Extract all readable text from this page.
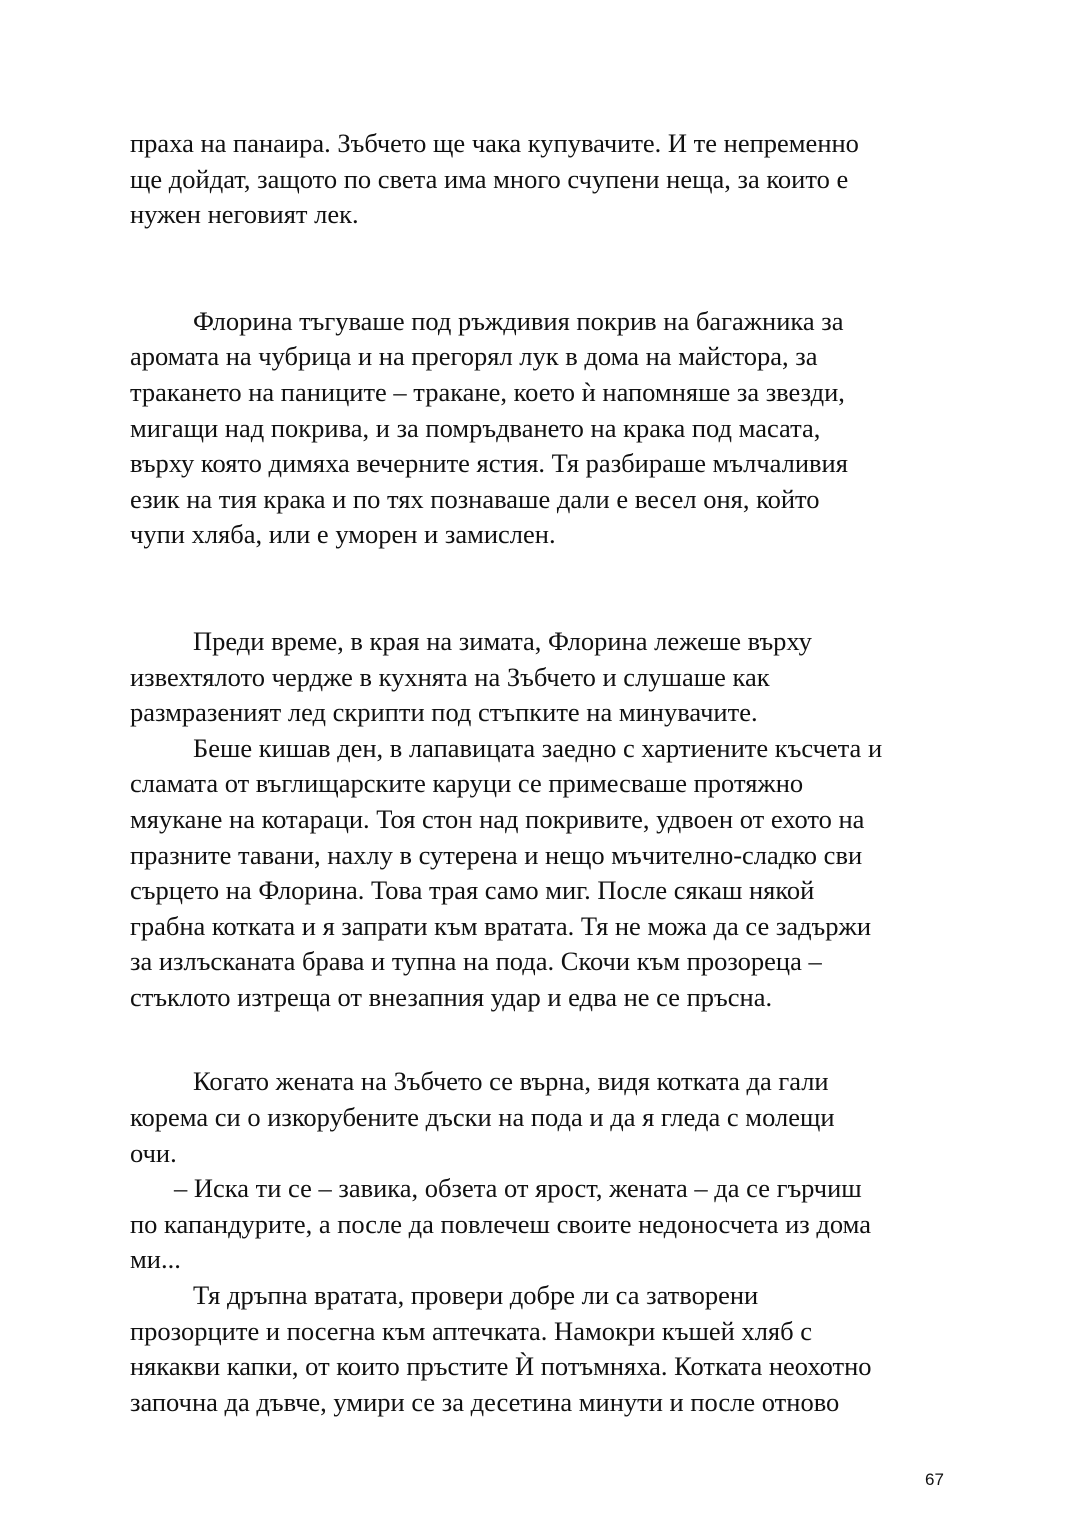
праха на панаира. Зъбчето ще чака купувачите. И те непременно
ще дойдат, защото по света има много счупени неща, за които е
нужен неговият лек.
Флорина тъгуваше под ръждивия покрив на багажника за
аромата на чубрица и на прегорял лук в дома на майстора, за
тракането на паниците – тракане, което ѝ напомняше за звезди,
мигащи над покрива, и за помръдването на крака под масата,
върху която димяха вечерните ястия. Тя разбираше мълчаливия
език на тия крака и по тях познаваше дали е весел оня, който
чупи хляба, или е уморен и замислен.
Преди време, в края на зимата, Флорина лежеше върху
извехтялото чердже в кухнята на Зъбчето и слушаше как
размразеният лед скрипти под стъпките на минувачите.
Беше кишав ден, в лапавицата заедно с хартиените късчета и
сламата от въглищарските каруци се примесваше протяжно
мяукане на котараци. Тоя стон над покривите, удвоен от ехото на
празните тавани, нахлу в сутерена и нещо мъчително-сладко сви
сърцето на Флорина. Това трая само миг. После сякаш някой
грабна котката и я запрати към вратата. Тя не можа да се задържи
за излъсканата брава и тупна на пода. Скочи към прозореца –
стъклото изтреща от внезапния удар и едва не се пръсна.
Когато жената на Зъбчето се върна, видя котката да гали
корема си о изкорубените дъски на пода и да я гледа с молещи
очи.
– Иска ти се – завика, обзета от ярост, жената – да се гърчиш
по капандурите, а после да повлечеш своите недоносчета из дома
ми...
Тя дръпна вратата, провери добре ли са затворени
прозорците и посегна към аптечката. Намокри къшей хляб с
някакви капки, от които пръстите Ѝ потъмняха. Котката неохотно
започна да дъвче, умири се за десетина минути и после отново
67
